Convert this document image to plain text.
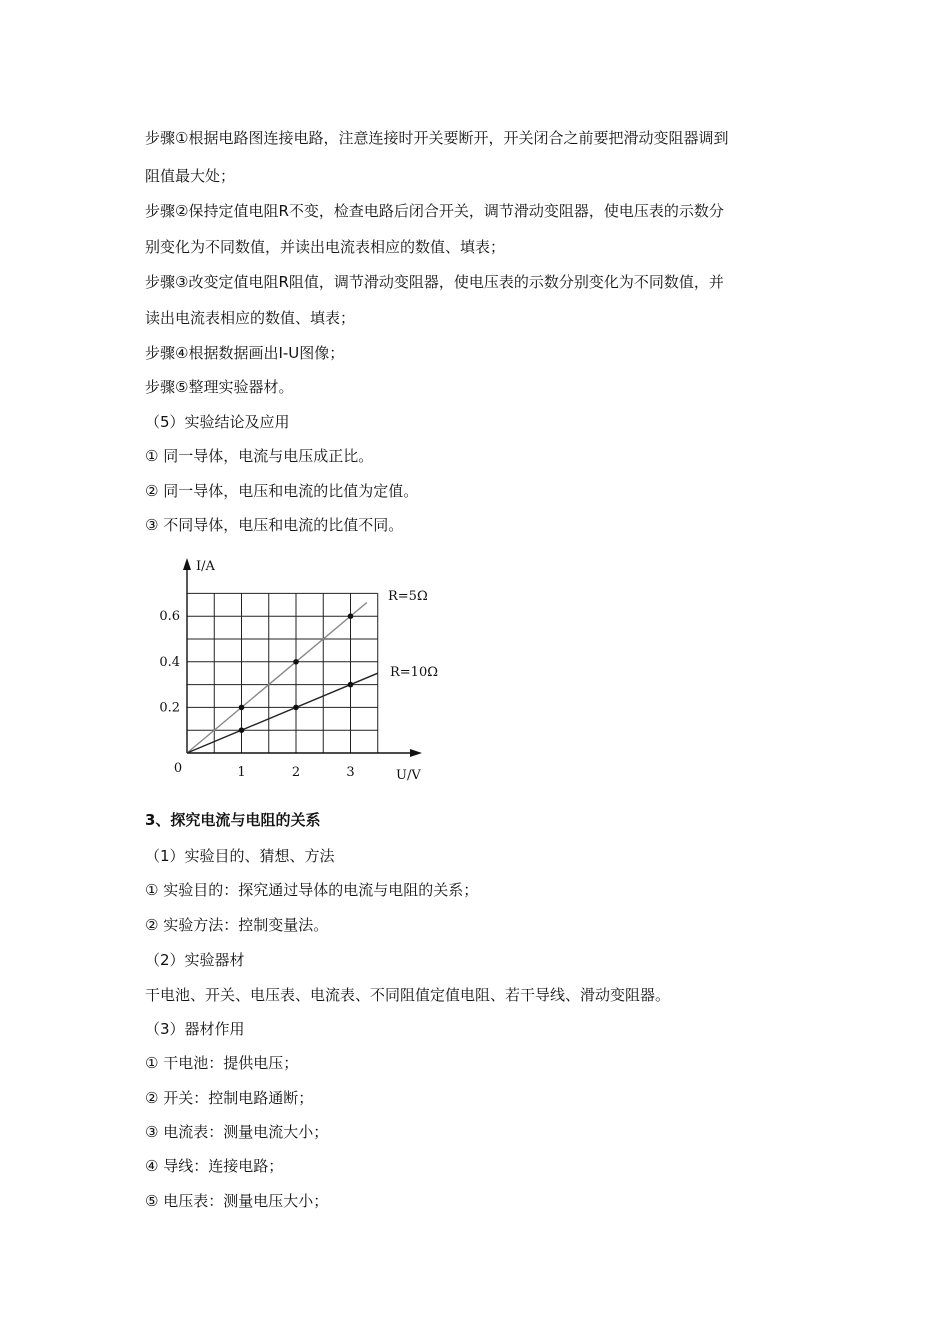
步骤①根据电路图连接电路，注意连接时开关要断开，开关闭合之前要把滑动变阻器调到
阻值最大处；
步骤②保持定值电阻R不变，检查电路后闭合开关，调节滑动变阻器，使电压表的示数分
别变化为不同数值，并读出电流表相应的数值、填表；
步骤③改变定值电阻R阻值，调节滑动变阻器，使电压表的示数分别变化为不同数值，并
读出电流表相应的数值、填表；
步骤④根据数据画出I-U图像；
步骤⑤整理实验器材。
（5）实验结论及应用
① 同一导体，电流与电压成正比。
② 同一导体，电压和电流的比值为定值。
③ 不同导体，电压和电流的比值不同。
I/A
U/V
0	1	2	3
0.2
0.4
0.6
R=5Ω
R=10Ω
3、探究电流与电阻的关系
（1）实验目的、猜想、方法
① 实验目的：探究通过导体的电流与电阻的关系；
② 实验方法：控制变量法。
（2）实验器材
干电池、开关、电压表、电流表、不同阻值定值电阻、若干导线、滑动变阻器。
（3）器材作用
① 干电池：提供电压；
② 开关：控制电路通断；
③ 电流表：测量电流大小；
④ 导线：连接电路；
⑤ 电压表：测量电压大小；
